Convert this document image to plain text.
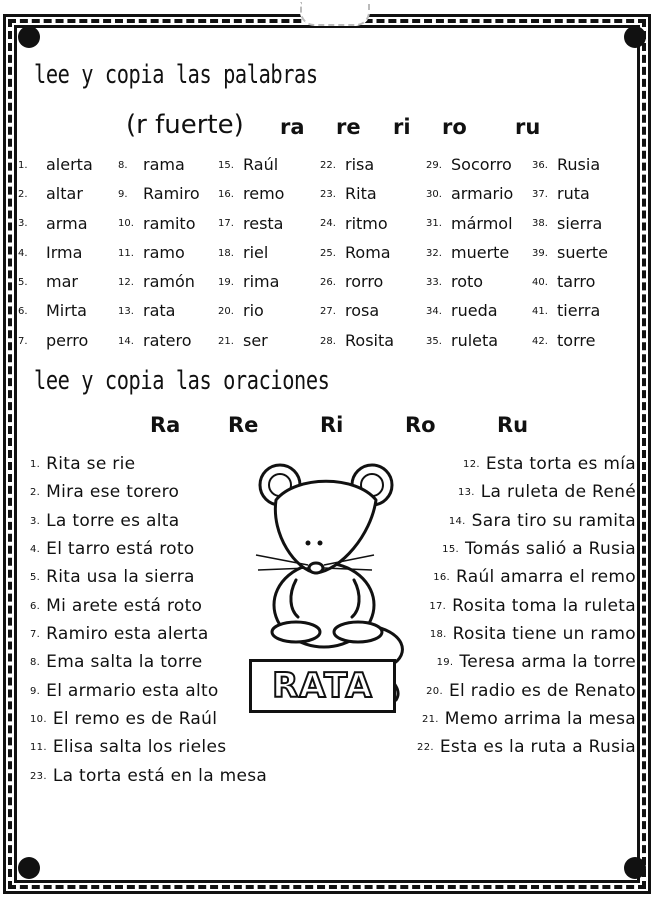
lee y copia las palabras
(r fuerte) ra re ri ro ru
1. alerta
2. altar
3. arma
4. Irma
5. mar
6. Mirta
7. perro
8. rama
9. Ramiro
10. ramito
11. ramo
12. ramón
13. rata
14. ratero
15. Raúl
16. remo
17. resta
18. riel
19. rima
20. rio
21. ser
22. risa
23. Rita
24. ritmo
25. Roma
26. rorro
27. rosa
28. Rosita
29. Socorro
30. armario
31. mármol
32. muerte
33. roto
34. rueda
35. ruleta
36. Rusia
37. ruta
38. sierra
39. suerte
40. tarro
41. tierra
42. torre
lee y copia las oraciones
Ra Re	Ri	Ro	Ru
1. Rita se rie
2. Mira ese torero
3. La torre es alta
4. El tarro está roto
5. Rita usa la sierra
6. Mi arete está roto
7. Ramiro esta alerta
8. Ema salta la torre
9. El armario esta alto
10. El remo es de Raúl
11. Elisa salta los rieles
23. La torta está en la mesa
12. Esta torta es mía
13. La ruleta de René
14. Sara tiro su ramita
15. Tomás salió a Rusia
16. Raúl amarra el remo
17. Rosita toma la ruleta
18. Rosita tiene un ramo
19. Teresa arma la torre
20. El radio es de Renato
21. Memo arrima la mesa
22. Esta es la ruta a Rusia
RATA
